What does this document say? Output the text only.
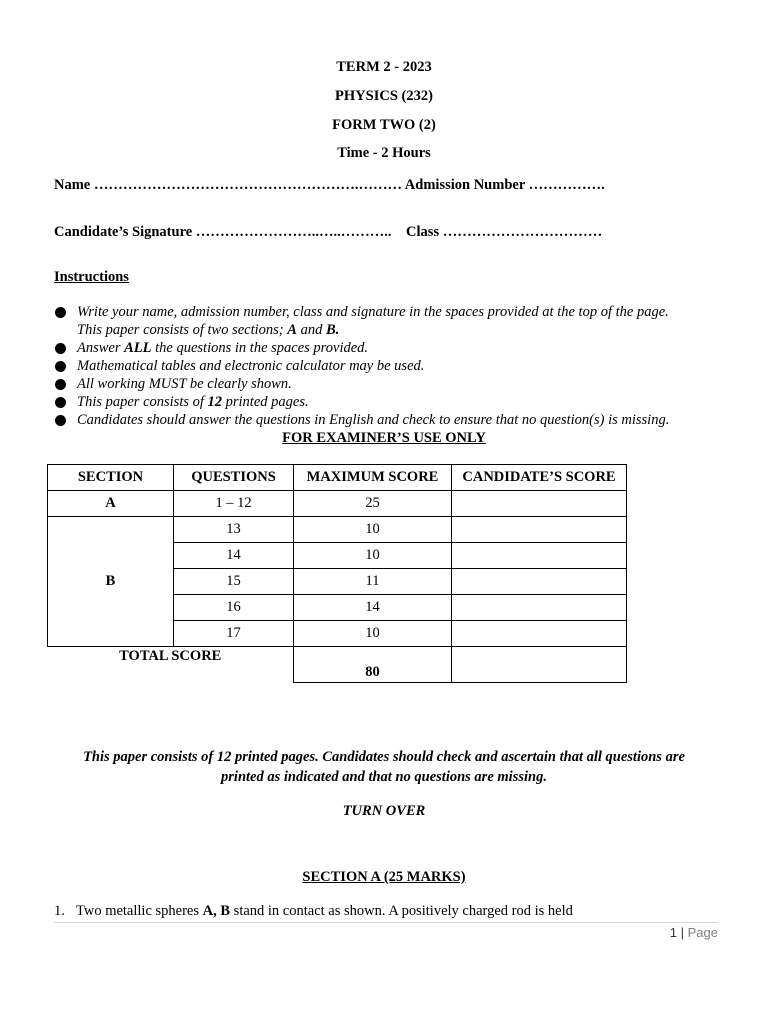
TERM 2 - 2023
PHYSICS (232)
FORM TWO (2)
Time - 2 Hours
Name ……………………………………………….……… Admission Number …………….
Candidate’s Signature ……………………..…..………..    Class ……………………………
Instructions
Write your name, admission number, class and signature in the spaces provided at the top of the page.
This paper consists of two sections; A and B.
Answer ALL the questions in the spaces provided.
Mathematical tables and electronic calculator may be used.
All working MUST be clearly shown.
This paper consists of 12 printed pages.
Candidates should answer the questions in English and check to ensure that no question(s) is missing.
FOR EXAMINER’S USE ONLY
SECTION	QUESTIONS	MAXIMUM SCORE	CANDIDATE’S SCORE
A	1 – 12	25	
B	13	10	
	14	10	
	15	11	
	16	14	
	17	10	
TOTAL SCORE		80	
This paper consists of 12 printed pages. Candidates should check and ascertain that all questions are
printed as indicated and that no questions are missing.
TURN OVER
SECTION A (25 MARKS)
1. Two metallic spheres A, B stand in contact as shown. A positively charged rod is held
1 | Page
